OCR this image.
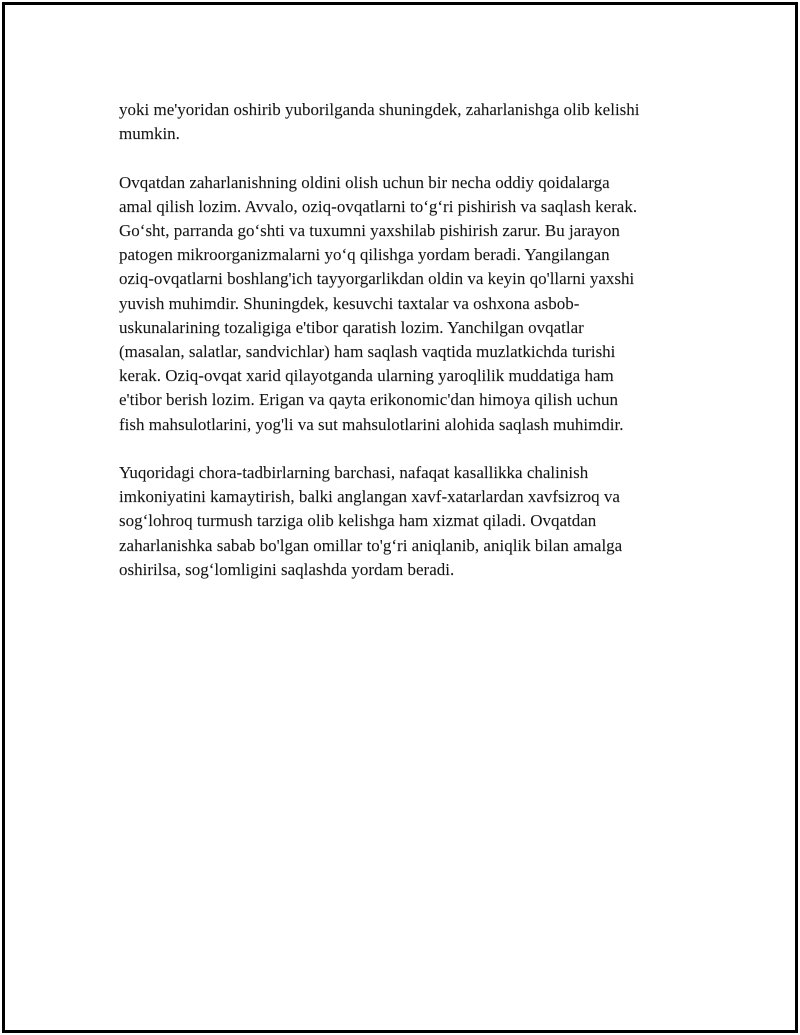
yoki me'yoridan oshirib yuborilganda shuningdek, zaharlanishga olib kelishi
mumkin.

Ovqatdan zaharlanishning oldini olish uchun bir necha oddiy qoidalarga
amal qilish lozim. Avvalo, oziq-ovqatlarni to‘g‘ri pishirish va saqlash kerak.
Go‘sht, parranda go‘shti va tuxumni yaxshilab pishirish zarur. Bu jarayon
patogen mikroorganizmalarni yo‘q qilishga yordam beradi. Yangilangan
oziq-ovqatlarni boshlang'ich tayyorgarlikdan oldin va keyin qo'llarni yaxshi
yuvish muhimdir. Shuningdek, kesuvchi taxtalar va oshxona asbob-
uskunalarining tozaligiga e'tibor qaratish lozim. Yanchilgan ovqatlar
(masalan, salatlar, sandvichlar) ham saqlash vaqtida muzlatkichda turishi
kerak. Oziq-ovqat xarid qilayotganda ularning yaroqlilik muddatiga ham
e'tibor berish lozim. Erigan va qayta erikonomic'dan himoya qilish uchun
fish mahsulotlarini, yog'li va sut mahsulotlarini alohida saqlash muhimdir.

Yuqoridagi chora-tadbirlarning barchasi, nafaqat kasallikka chalinish
imkoniyatini kamaytirish, balki anglangan xavf-xatarlardan xavfsizroq va
sog‘lohroq turmush tarziga olib kelishga ham xizmat qiladi. Ovqatdan
zaharlanishka sabab bo'lgan omillar to'g‘ri aniqlanib, aniqlik bilan amalga
oshirilsa, sog‘lomligini saqlashda yordam beradi.
